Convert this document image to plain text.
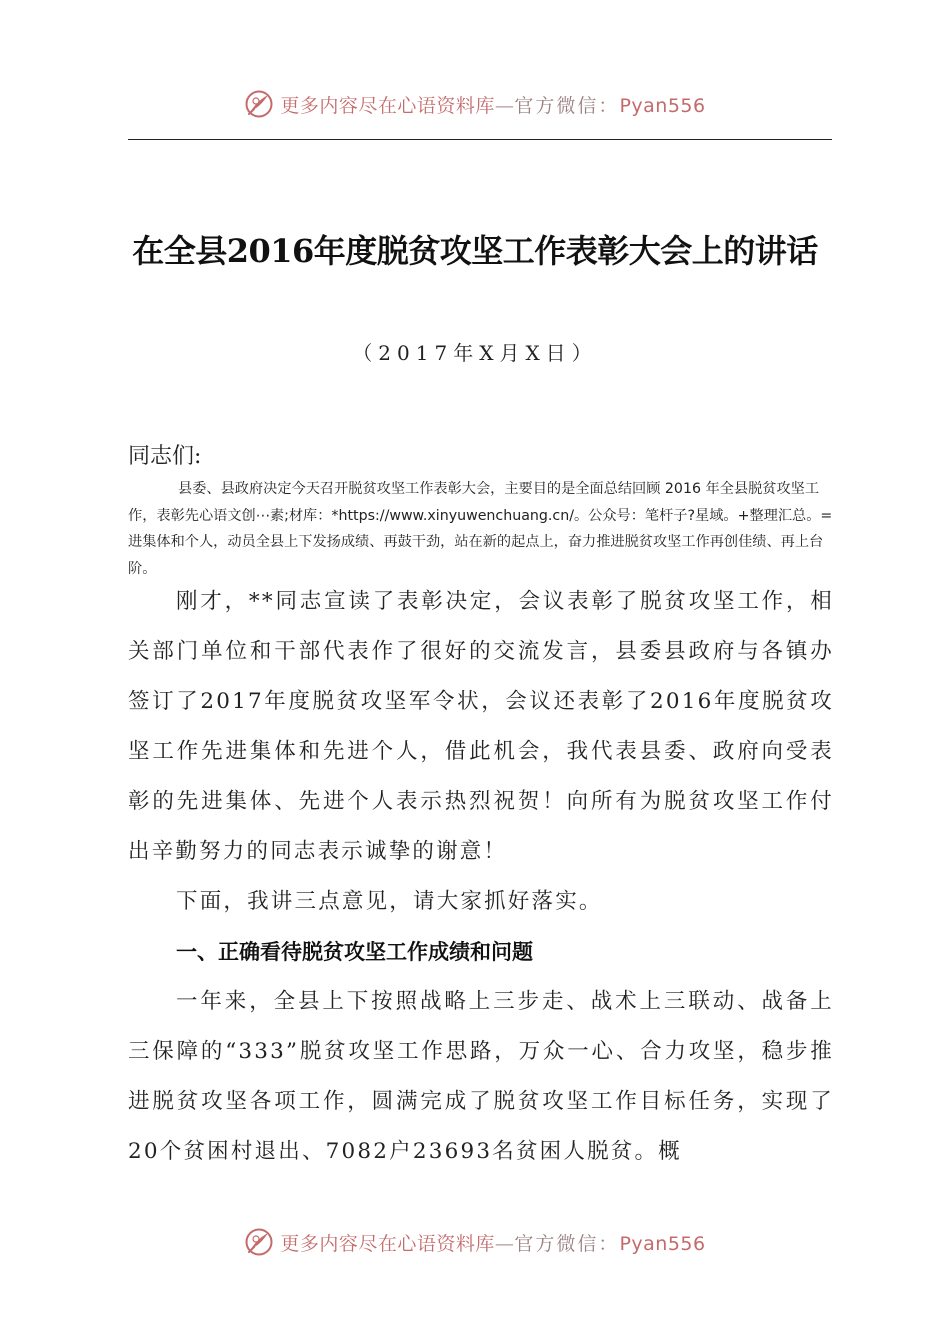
更多内容尽在心语资料库—官方微信：Pyan556
在全县2016年度脱贫攻坚工作表彰大会上的讲话
（2017年X月X日）
同志们:

县委、县政府决定今天召开脱贫攻坚工作表彰大会，主要目的是全面总结回顾 2016 年全县脱贫攻坚工作，表彰先心语文创⋯素;材库：*https://www.xinyuwenchuang.cn/。公众号：笔杆子?星域。+整理汇总。=进集体和个人，动员全县上下发扬成绩、再鼓干劲，站在新的起点上，奋力推进脱贫攻坚工作再创佳绩、再上台阶。

刚才，**同志宣读了表彰决定，会议表彰了脱贫攻坚工作，相关部门单位和干部代表作了很好的交流发言，县委县政府与各镇办签订了2017年度脱贫攻坚军令状，会议还表彰了2016年度脱贫攻坚工作先进集体和先进个人，借此机会，我代表县委、政府向受表彰的先进集体、先进个人表示热烈祝贺！向所有为脱贫攻坚工作付出辛勤努力的同志表示诚挚的谢意！

下面，我讲三点意见，请大家抓好落实。

一、正确看待脱贫攻坚工作成绩和问题

一年来，全县上下按照战略上三步走、战术上三联动、战备上三保障的“333”脱贫攻坚工作思路，万众一心、合力攻坚，稳步推进脱贫攻坚各项工作，圆满完成了脱贫攻坚工作目标任务，实现了20个贫困村退出、7082户23693名贫困人脱贫。概

更多内容尽在心语资料库—官方微信：Pyan556
